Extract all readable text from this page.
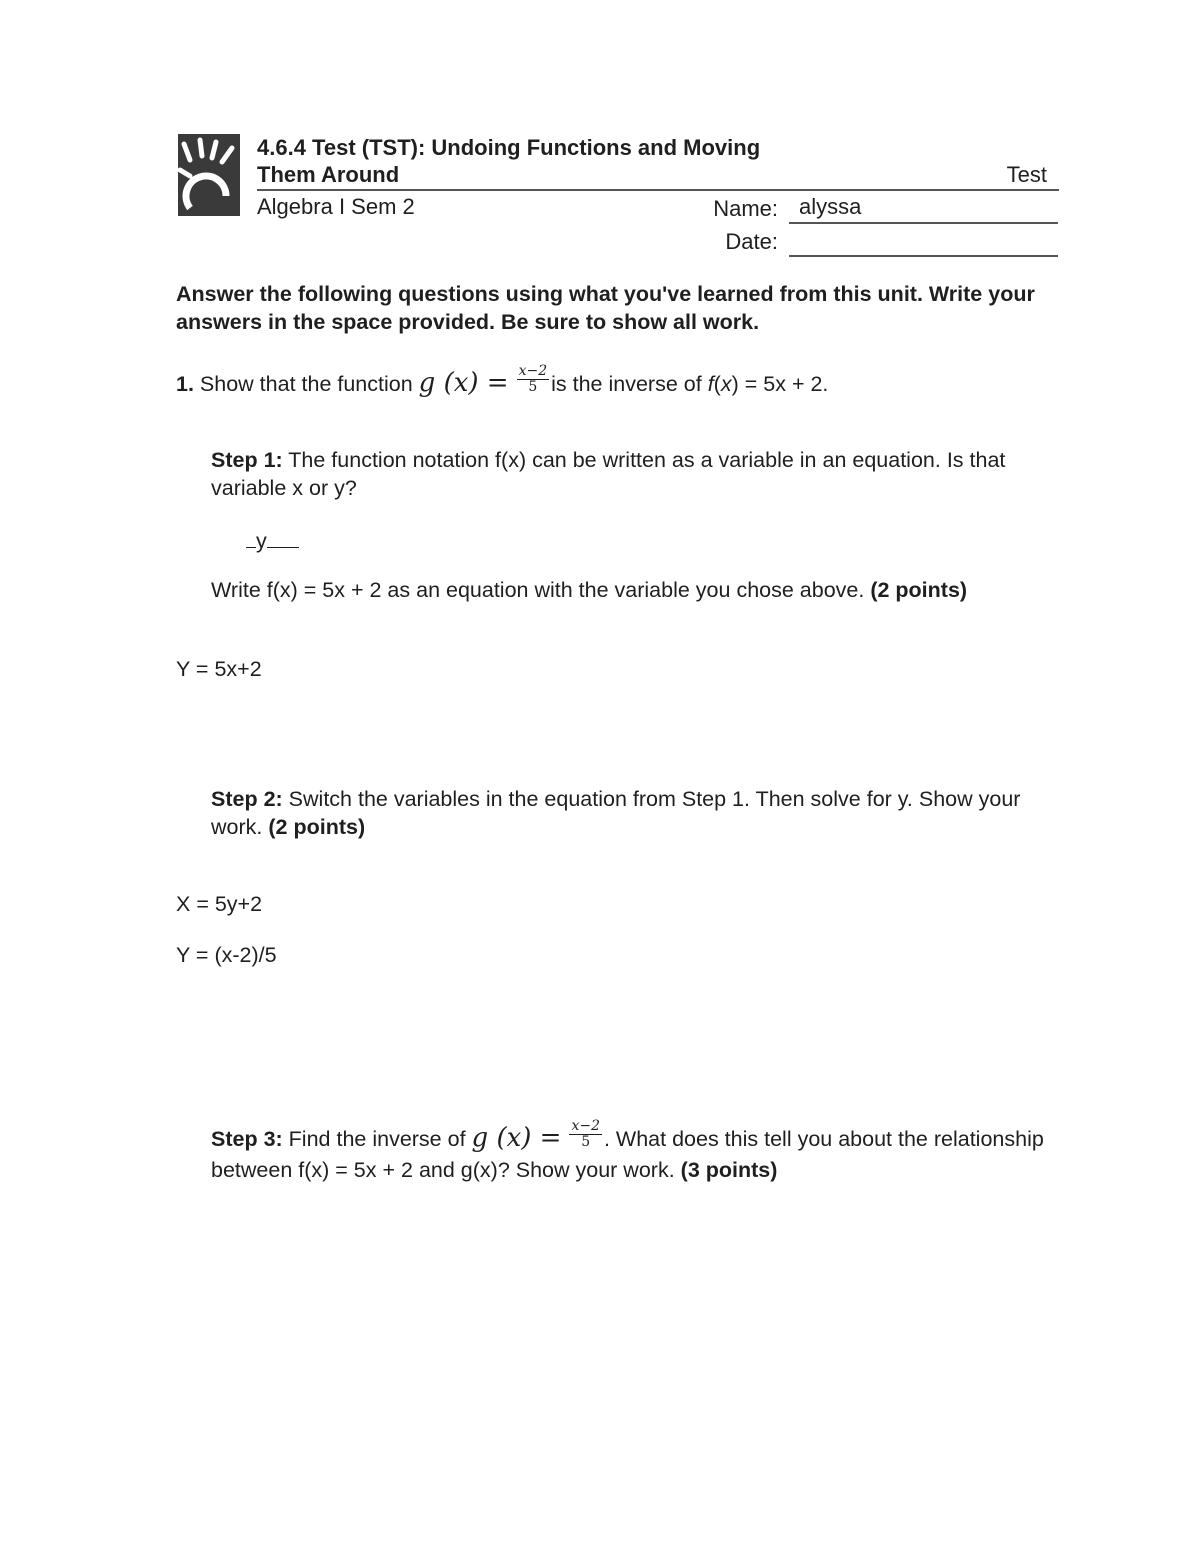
4.6.4 Test (TST): Undoing Functions and Moving
Them Around	Test
Algebra I Sem 2	Name: alyssa
Date:
Answer the following questions using what you've learned from this unit. Write your answers in the space provided. Be sure to show all work.
1. Show that the function g $(x) = \frac{x-2}{5}$ is the inverse of f(x) = 5x + 2.
Step 1: The function notation f(x) can be written as a variable in an equation. Is that variable x or y?
y
Write f(x) = 5x + 2 as an equation with the variable you chose above. (2 points)
Y = 5x+2
Step 2: Switch the variables in the equation from Step 1. Then solve for y. Show your work. (2 points)
X = 5y+2
Y = (x-2)/5
Step 3: Find the inverse of g $(x) = \frac{x-2}{5}$ . What does this tell you about the relationship between f(x) = 5x + 2 and g(x)? Show your work. (3 points)
